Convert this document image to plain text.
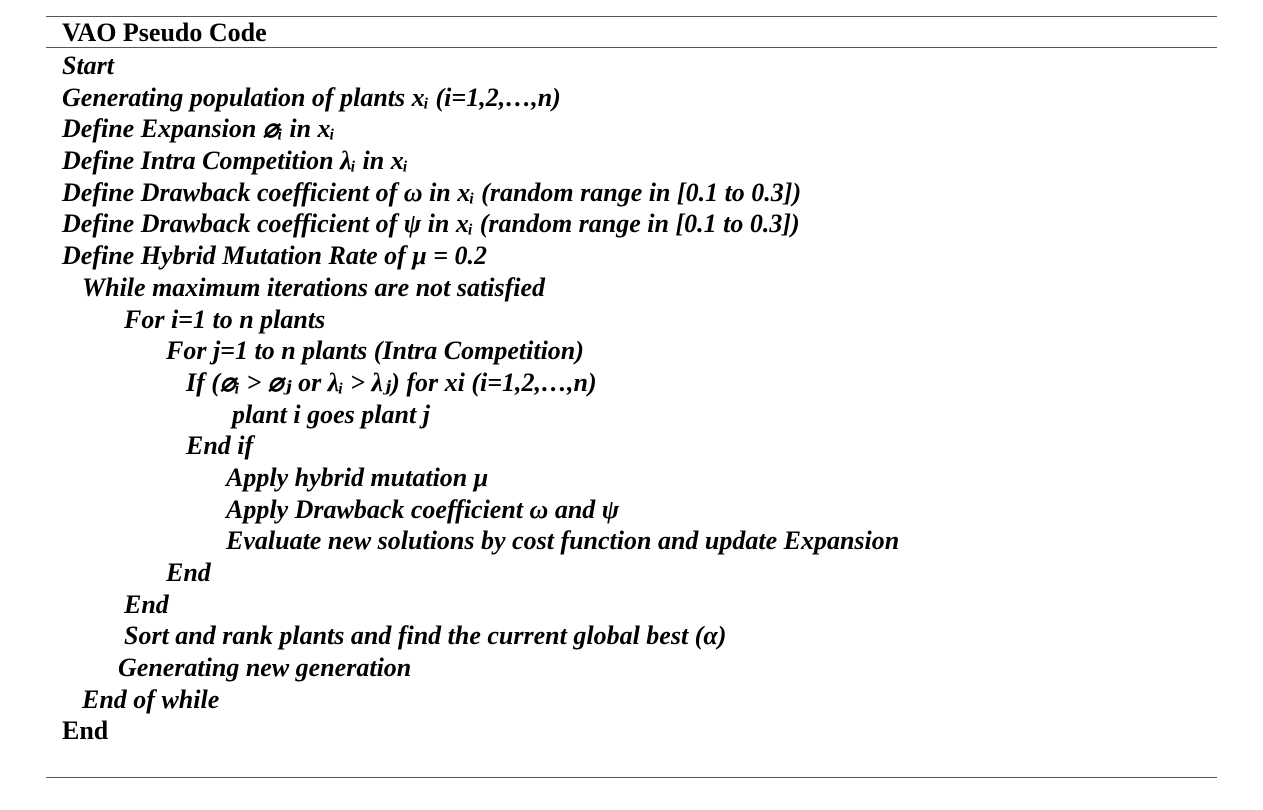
VAO Pseudo Code
Start
Generating population of plants xᵢ (i=1,2,…,n)
Define Expansion ⌀ᵢ in xᵢ
Define Intra Competition λᵢ in xᵢ
Define Drawback coefficient of ω in xᵢ (random range in [0.1 to 0.3])
Define Drawback coefficient of ψ in xᵢ (random range in [0.1 to 0.3])
Define Hybrid Mutation Rate of μ = 0.2
While maximum iterations are not satisfied
For i=1 to n plants
For j=1 to n plants (Intra Competition)
If (⌀ᵢ > ⌀ⱼ or λᵢ > λⱼ) for xi (i=1,2,…,n)
plant i goes plant j
End if
Apply hybrid mutation μ
Apply Drawback coefficient ω and ψ
Evaluate new solutions by cost function and update Expansion
End
End
Sort and rank plants and find the current global best (α)
Generating new generation
End of while
End
